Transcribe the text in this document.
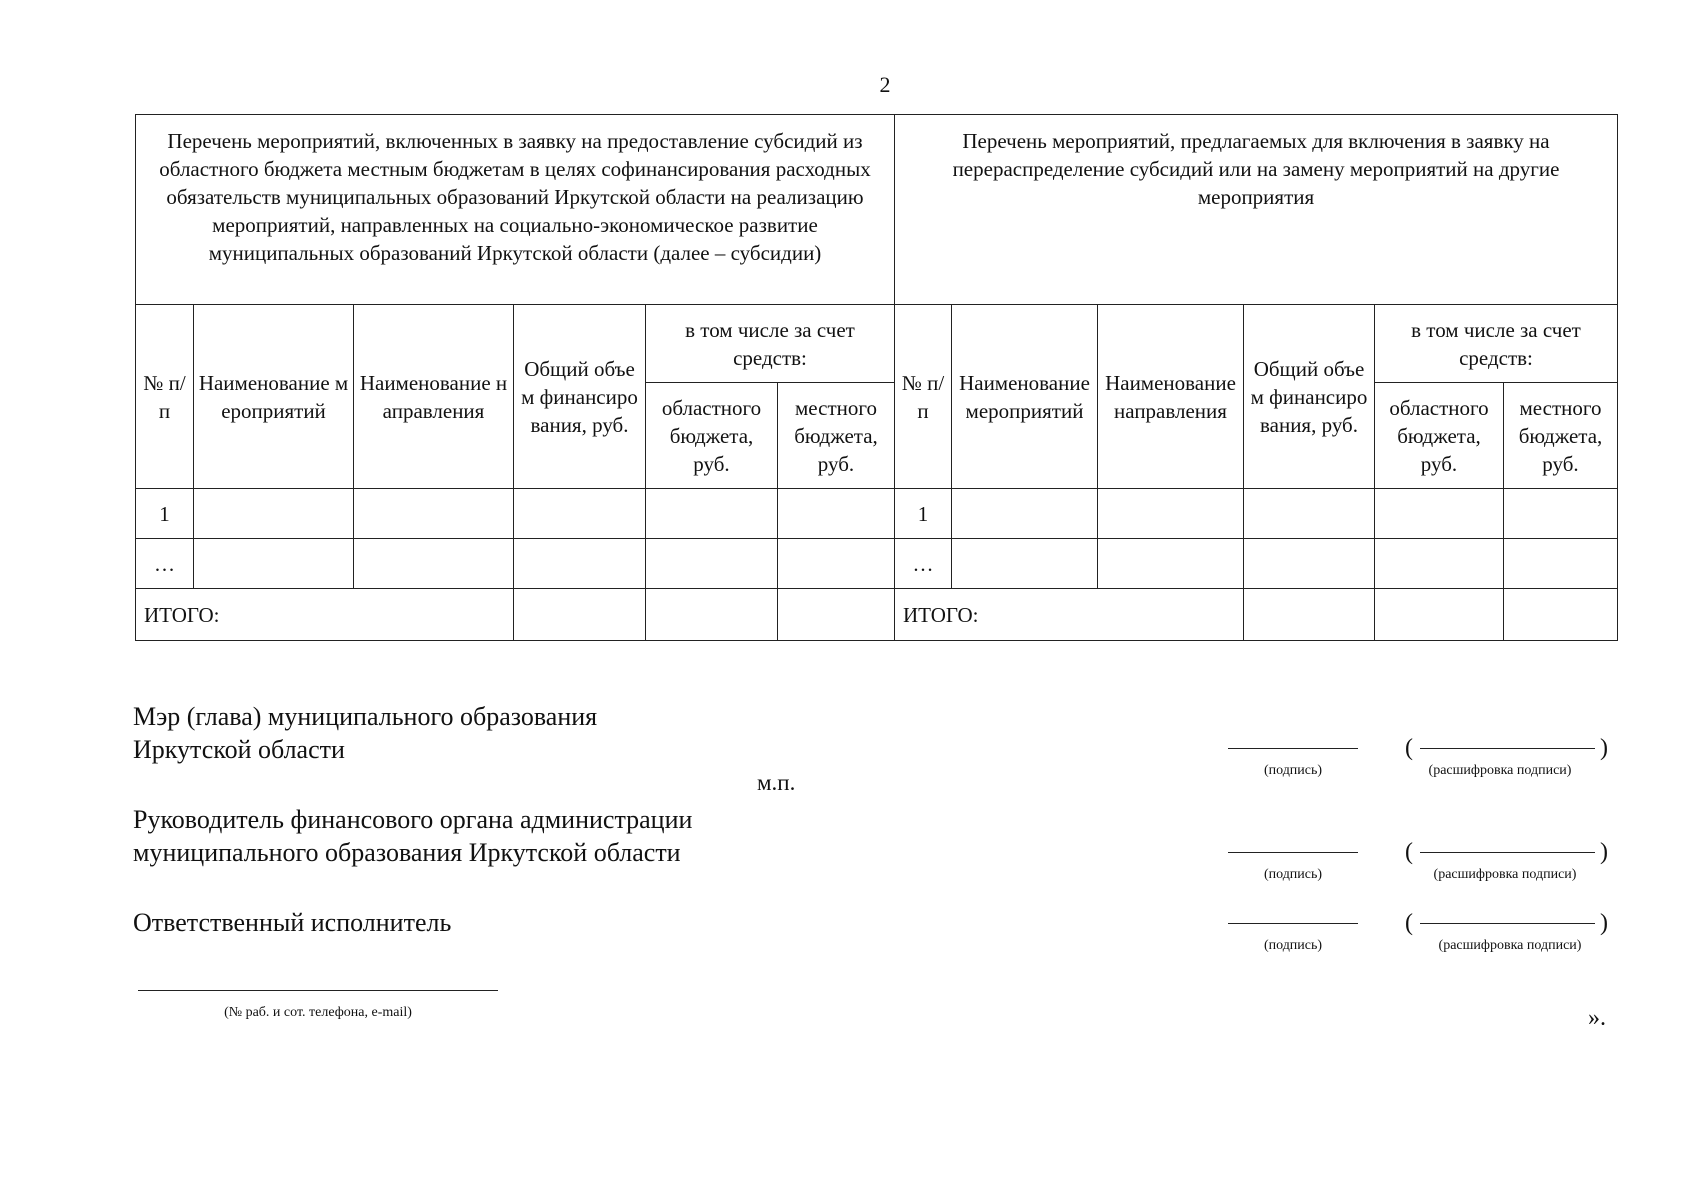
2
Перечень мероприятий, включенных в заявку на предоставление субсидий из областного бюджета местным бюджетам в целях софинансирования расходных обязательств муниципальных образований Иркутской области на реализацию мероприятий, направленных на социально-экономическое развитие муниципальных образований Иркутской области (далее – субсидии)						Перечень мероприятий, предлагаемых для включения в заявку на перераспределение субсидий или на замену мероприятий на другие мероприятия					
№ п/п	Наименование мероприятий	Наименование направления	Общий объем финансирования, руб.	в том числе за счет средств:		№ п/п	Наименование мероприятий	Наименование направления	Общий объем финансирования, руб.	в том числе за счет средств:	
				областного бюджета, руб.	местного бюджета, руб.					областного бюджета, руб.	местного бюджета, руб.
1						1					
…						…					
ИТОГО:						ИТОГО:					
Мэр (глава) муниципального образования
Иркутской области
м.п.	(подпись)
(	)
(расшифровка подписи)
Руководитель финансового органа администрации
муниципального образования Иркутской области
(подпись)
(	)
(расшифровка подписи)
Ответственный исполнитель
(подпись)
(	)
(расшифровка подписи)
(№ раб. и сот. телефона, e-mail)	».
